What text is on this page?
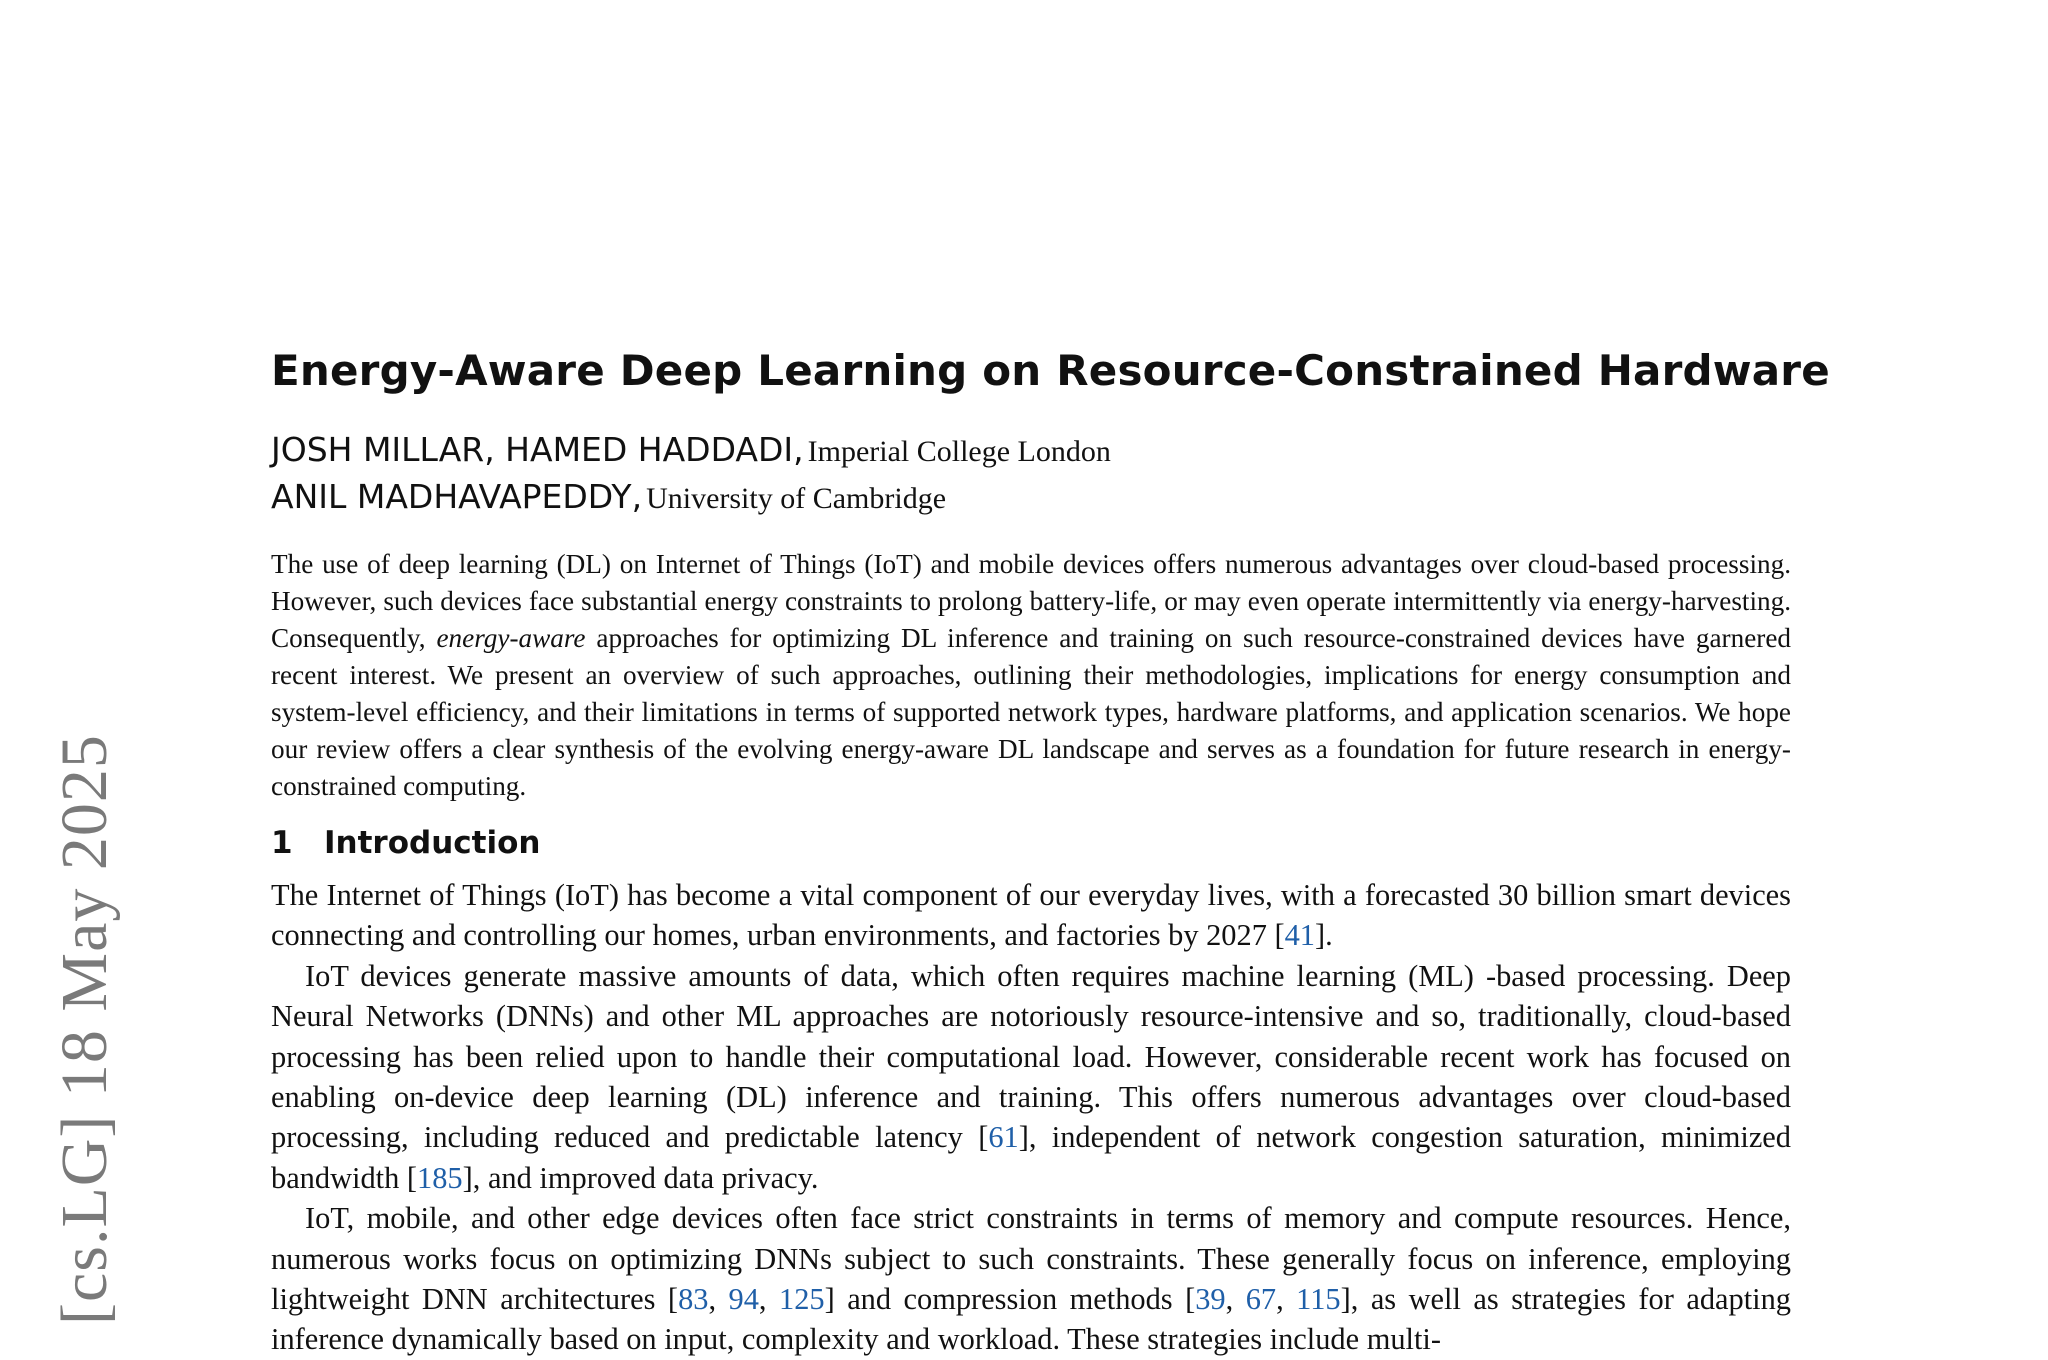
[cs.LG] 18 May 2025
Energy-Aware Deep Learning on Resource-Constrained Hardware
JOSH MILLAR, HAMED HADDADI, Imperial College London
ANIL MADHAVAPEDDY, University of Cambridge

The use of deep learning (DL) on Internet of Things (IoT) and mobile devices offers numerous advantages over cloud-based processing. However, such devices face substantial energy constraints to prolong battery-life, or may even operate intermittently via energy-harvesting. Consequently, energy-aware approaches for optimizing DL inference and training on such resource-constrained devices have garnered recent interest. We present an overview of such approaches, outlining their methodologies, implications for energy consumption and system-level efficiency, and their limitations in terms of supported network types, hardware platforms, and application scenarios. We hope our review offers a clear synthesis of the evolving energy-aware DL landscape and serves as a foundation for future research in energy-constrained computing.

1 Introduction

The Internet of Things (IoT) has become a vital component of our everyday lives, with a forecasted 30 billion smart devices connecting and controlling our homes, urban environments, and factories by 2027 [41].

IoT devices generate massive amounts of data, which often requires machine learning (ML) -based processing. Deep Neural Networks (DNNs) and other ML approaches are notoriously resource-intensive and so, traditionally, cloud-based processing has been relied upon to handle their computational load. However, considerable recent work has focused on enabling on-device deep learning (DL) inference and training. This offers numerous advantages over cloud-based processing, including reduced and predictable latency [61], independent of network congestion saturation, minimized bandwidth [185], and improved data privacy.

IoT, mobile, and other edge devices often face strict constraints in terms of memory and compute resources. Hence, numerous works focus on optimizing DNNs subject to such constraints. These generally focus on inference, employing lightweight DNN architectures [83, 94, 125] and compression methods [39, 67, 115], as well as strategies for adapting inference dynamically based on input, complexity and workload. These strategies include multi-
